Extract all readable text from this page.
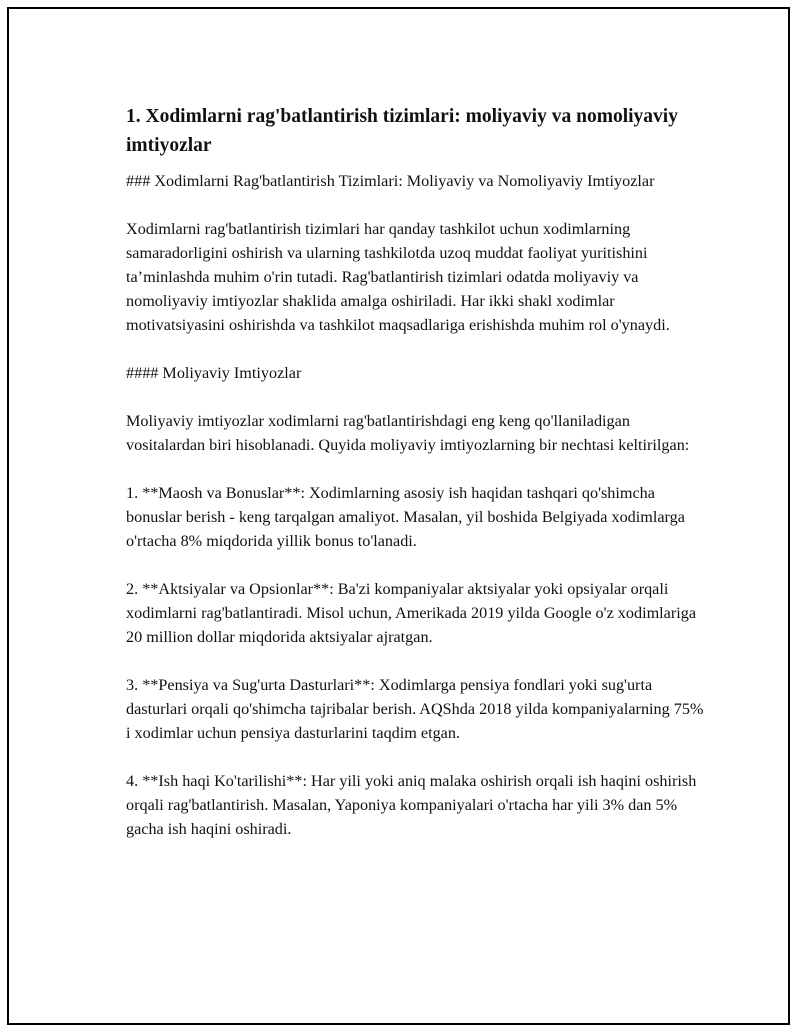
1. Xodimlarni rag'batlantirish tizimlari: moliyaviy va nomoliyaviy imtiyozlar

### Xodimlarni Rag'batlantirish Tizimlari: Moliyaviy va Nomoliyaviy Imtiyozlar

Xodimlarni rag'batlantirish tizimlari har qanday tashkilot uchun xodimlarning samaradorligini oshirish va ularning tashkilotda uzoq muddat faoliyat yuritishini ta’minlashda muhim o'rin tutadi. Rag'batlantirish tizimlari odatda moliyaviy va nomoliyaviy imtiyozlar shaklida amalga oshiriladi. Har ikki shakl xodimlar motivatsiyasini oshirishda va tashkilot maqsadlariga erishishda muhim rol o'ynaydi.

#### Moliyaviy Imtiyozlar

Moliyaviy imtiyozlar xodimlarni rag'batlantirishdagi eng keng qo'llaniladigan vositalardan biri hisoblanadi. Quyida moliyaviy imtiyozlarning bir nechtasi keltirilgan:

1. **Maosh va Bonuslar**: Xodimlarning asosiy ish haqidan tashqari qo'shimcha bonuslar berish - keng tarqalgan amaliyot. Masalan, yil boshida Belgiyada xodimlarga o'rtacha 8% miqdorida yillik bonus to'lanadi.

2. **Aktsiyalar va Opsionlar**: Ba'zi kompaniyalar aktsiyalar yoki opsiyalar orqali xodimlarni rag'batlantiradi. Misol uchun, Amerikada 2019 yilda Google o'z xodimlariga 20 million dollar miqdorida aktsiyalar ajratgan.

3. **Pensiya va Sug'urta Dasturlari**: Xodimlarga pensiya fondlari yoki sug'urta dasturlari orqali qo'shimcha tajribalar berish. AQShda 2018 yilda kompaniyalarning 75% i xodimlar uchun pensiya dasturlarini taqdim etgan.

4. **Ish haqi Ko'tarilishi**: Har yili yoki aniq malaka oshirish orqali ish haqini oshirish orqali rag'batlantirish. Masalan, Yaponiya kompaniyalari o'rtacha har yili 3% dan 5% gacha ish haqini oshiradi.
